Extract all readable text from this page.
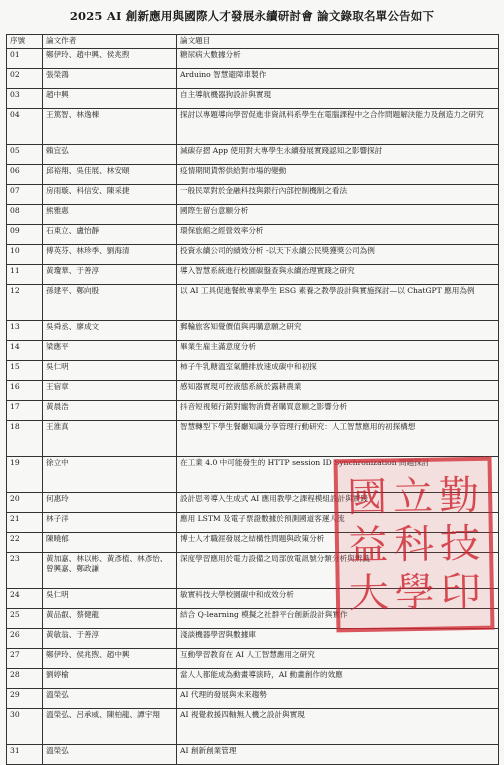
2025 AI 創新應用與國際人才發展永續研討會 論文錄取名單公告如下
序號	論文作者	論文題目
01	鄭伊玲、趙中興、侯兆煦	糖尿病大數據分析
02	張榮鴻	Arduino 智慧避障車製作
03	趙中興	自主導航機器狗設計與實現
04	王篤智、林逸棟	探討以專題導向學習促進非資訊科系學生在電腦課程中之合作問題解決能力及創造力之研究
05	賴宜弘	減碳存摺 App 使用對大專學生永續發展實踐認知之影響探討
06	邱裕翔、吳佳展、林安頤	疫情期間貨幣供給對市場的變動
07	房雨璇、科信安、陳采捷	一般民眾對於金融科技與銀行內部控制機制之看法
08	熊雅惠	國際生留台意願分析
09	石東立、盧怡靜	環保旅館之經營效率分析
10	傅英芬、林珍季、劉海清	投資永續公司的績效分析 -以天下永續公民獎獲獎公司為例
11	黃瓊華、于善淳	導入智慧系統進行校園碳盤查與永續治理實踐之研究
12	孫建平、鄭向殷	以 AI 工具促進餐飲專業學生 ESG 素養之教學設計與實施探討—以 ChatGPT 應用為例
13	吳舜丞、廖成文	郵輪旅客知覺價值與再購意願之研究
14	梁應平	畢業生雇主滿意度分析
15	吳仁明	柿子牛乳糖溫室氣體排放速成碳中和初探
16	王宿章	感知器實現可控液態系統於露耕農業
17	黃晨浩	抖音短視頻行銷對寵物消費者購買意願之影響分析
18	王淮真	智慧轉型下學生餐廳知識分享管理行動研究：人工智慧應用的初探構想
19	徐立中	在工業 4.0 中可能發生的 HTTP session ID Synchronization 問題探討
20	何惠玲	設計思考導入生成式 AI 應用教學之課程模組設計與實踐
21	林子洋	應用 LSTM 及電子票證數據於預測國道客運人流
22	陳曉郁	博士人才職涯發展之結構性問題與政策分析
23	黃加嘉、林以彬、黃彥植、林彥怡、曾興嘉、鄭政謙	深度學習應用於電力設備之局部放電訊號分類分析與辨識
24	吳仁明	敏實科技大學校園碳中和成效分析
25	黃品叡、蔡健龍	結合 Q-learning 模擬之社群平台創新設計與實作
26	黃敏翁、于善淳	淺談機器學習與數據庫
27	鄭伊玲、侯兆煦、趙中興	互動學習教育在 AI 人工智慧應用之研究
28	劉婷榆	當人人都能成為動畫導演時，AI 動畫創作的效應
29	溫榮弘	AI 代理的發展與未來趨勢
30	溫榮弘、呂承威、陳柏龍、譚宇翔	AI 視覺救援四軸無人機之設計與實現
31	溫榮弘	AI 創新創業管理
國 立 勤
益 科 技
大 學 印
